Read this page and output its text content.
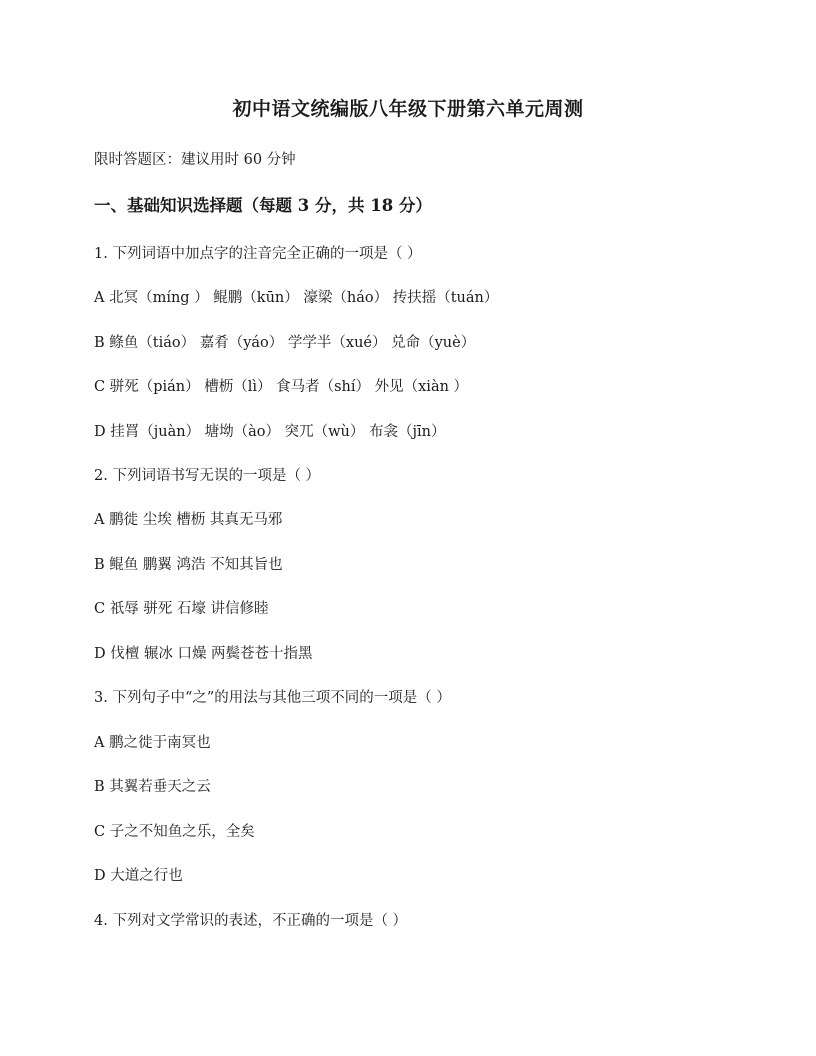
初中语文统编版八年级下册第六单元周测
限时答题区：建议用时 60 分钟
一、基础知识选择题（每题 3 分，共 18 分）
1. 下列词语中加点字的注音完全正确的一项是（ ）
A 北冥（míng ） 鲲鹏（kūn） 濠梁（háo） 抟扶摇（tuán）
B 鲦鱼（tiáo） 嘉肴（yáo） 学学半（xué） 兑命（yuè）
C 骈死（pián） 槽枥（lì） 食马者（shí） 外见（xiàn ）
D 挂罥（juàn） 塘坳（ào） 突兀（wù） 布衾（jīn）
2. 下列词语书写无误的一项是（ ）
A 鹏徙 尘埃 槽枥 其真无马邪
B 鲲鱼 鹏翼 鸿浩 不知其旨也
C 祇辱 骈死 石壕 讲信修睦
D 伐檀 辗冰 口燥 两鬓苍苍十指黑
3. 下列句子中“之”的用法与其他三项不同的一项是（ ）
A 鹏之徙于南冥也
B 其翼若垂天之云
C 子之不知鱼之乐，全矣
D 大道之行也
4. 下列对文学常识的表述，不正确的一项是（ ）
